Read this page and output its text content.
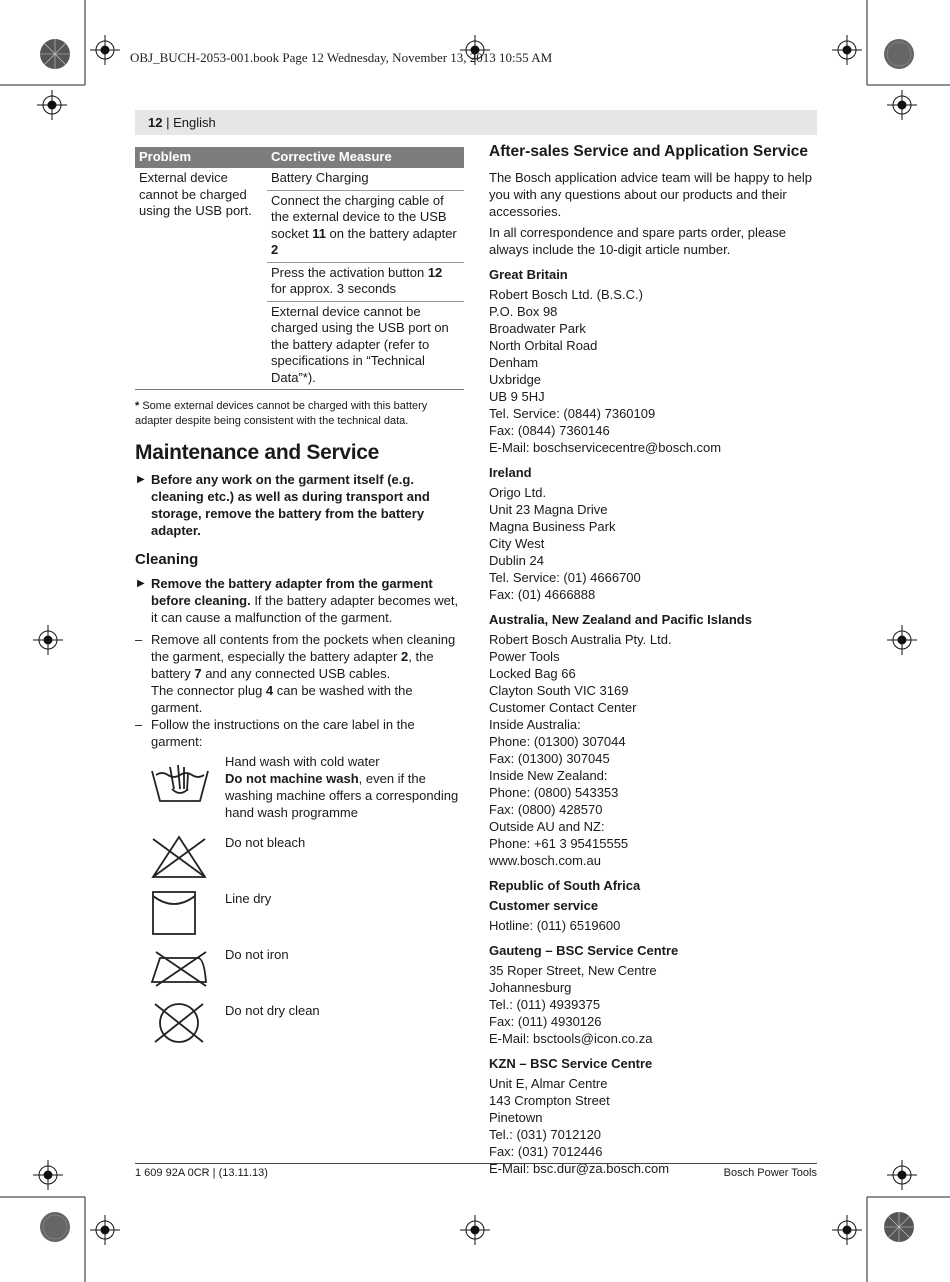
OBJ_BUCH-2053-001.book Page 12 Wednesday, November 13, 2013 10:55 AM
12 | English
Problem	Corrective Measure
External device cannot be charged using the USB port.	Battery Charging
	Connect the charging cable of the external device to the USB socket 11 on the battery adapter 2
	Press the activation button 12 for approx. 3 seconds
	External device cannot be charged using the USB port on the battery adapter (refer to specifications in “Technical Data”*).
* Some external devices cannot be charged with this battery adapter despite being consistent with the technical data.
Maintenance and Service

▶ Before any work on the garment itself (e.g. cleaning etc.) as well as during transport and storage, remove the battery from the battery adapter.

Cleaning

▶ Remove the battery adapter from the garment before cleaning. If the battery adapter becomes wet, it can cause a malfunction of the garment.

– Remove all contents from the pockets when cleaning the garment, especially the battery adapter 2, the battery 7 and any connected USB cables.
The connector plug 4 can be washed with the garment.

– Follow the instructions on the care label in the garment:

Hand wash with cold water
Do not machine wash, even if the washing machine offers a corresponding hand wash programme
Do not bleach
Line dry
Do not iron
Do not dry clean
After-sales Service and Application Service

The Bosch application advice team will be happy to help you with any questions about our products and their accessories.

In all correspondence and spare parts order, please always include the 10-digit article number.

Great Britain
Robert Bosch Ltd. (B.S.C.)
P.O. Box 98
Broadwater Park
North Orbital Road
Denham
Uxbridge
UB 9 5HJ
Tel. Service: (0844) 7360109
Fax: (0844) 7360146
E-Mail: boschservicecentre@bosch.com
Ireland
Origo Ltd.
Unit 23 Magna Drive
Magna Business Park
City West
Dublin 24
Tel. Service: (01) 4666700
Fax: (01) 4666888
Australia, New Zealand and Pacific Islands
Robert Bosch Australia Pty. Ltd.
Power Tools
Locked Bag 66
Clayton South VIC 3169
Customer Contact Center
Inside Australia:
Phone: (01300) 307044
Fax: (01300) 307045
Inside New Zealand:
Phone: (0800) 543353
Fax: (0800) 428570
Outside AU and NZ:
Phone: +61 3 95415555
www.bosch.com.au
Republic of South Africa
Customer service
Hotline: (011) 6519600
Gauteng – BSC Service Centre
35 Roper Street, New Centre
Johannesburg
Tel.: (011) 4939375
Fax: (011) 4930126
E-Mail: bsctools@icon.co.za
KZN – BSC Service Centre
Unit E, Almar Centre
143 Crompton Street
Pinetown
Tel.: (031) 7012120
Fax: (031) 7012446
E-Mail: bsc.dur@za.bosch.com
1 609 92A 0CR | (13.11.13)	Bosch Power Tools
